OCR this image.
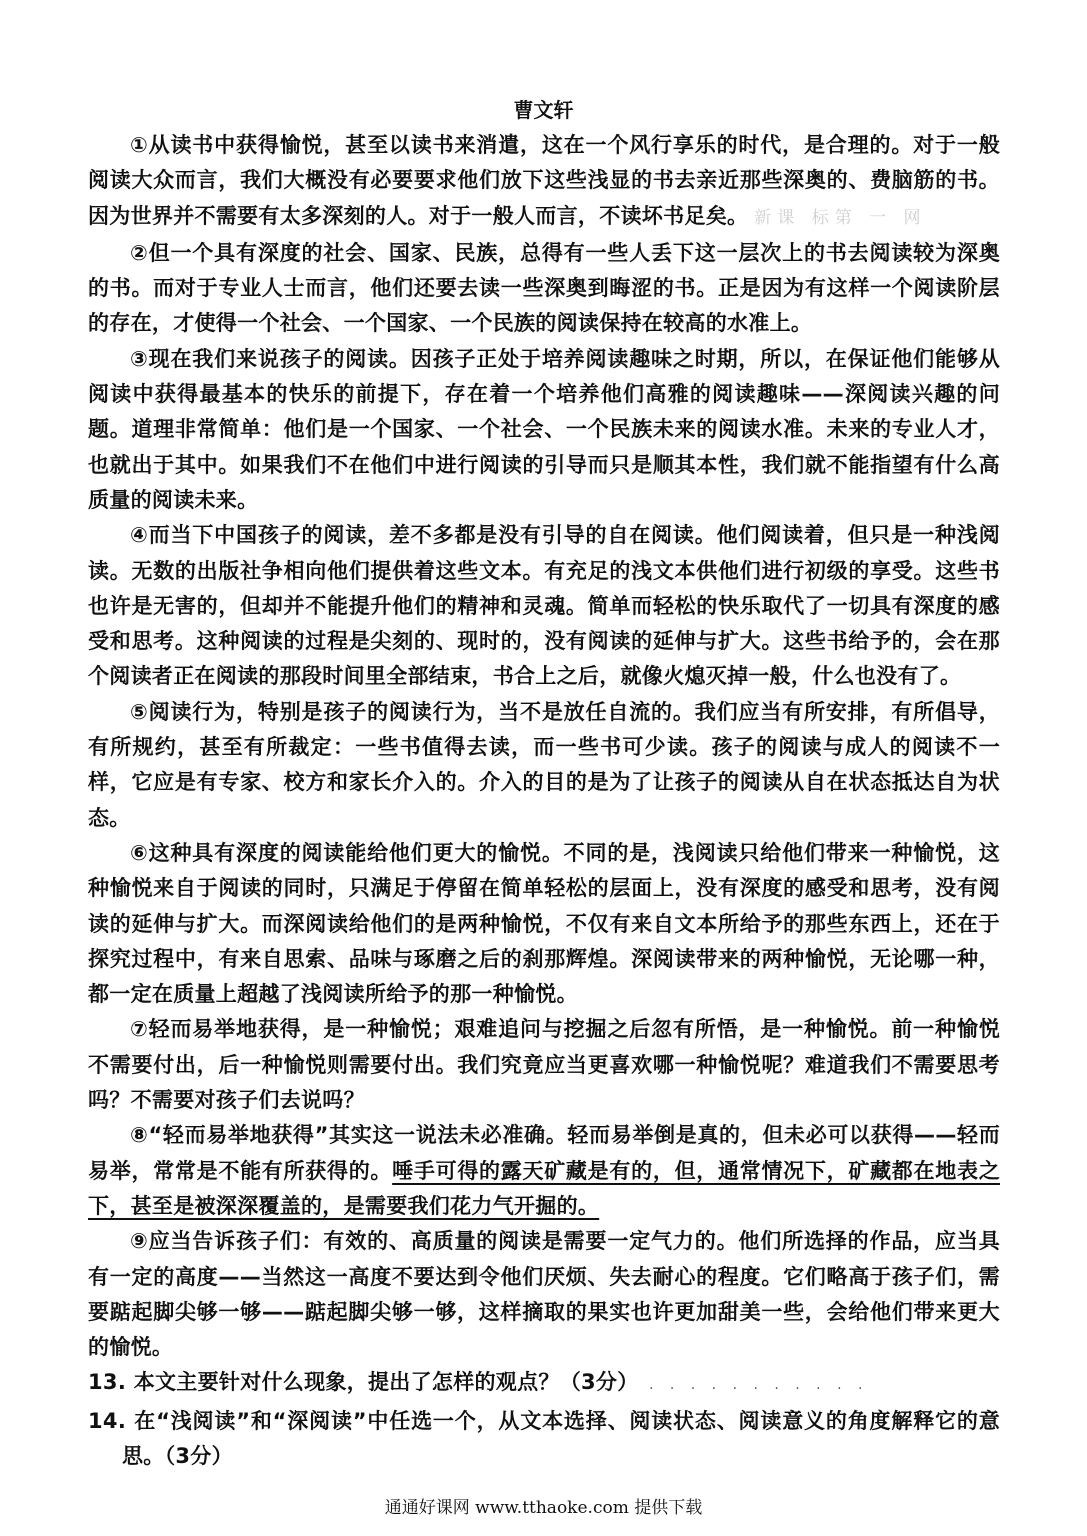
曹文轩

①从读书中获得愉悦，甚至以读书来消遣，这在一个风行享乐的时代，是合理的。对于一般阅读大众而言，我们大概没有必要要求他们放下这些浅显的书去亲近那些深奥的、费脑筋的书。因为世界并不需要有太多深刻的人。对于一般人而言，不读坏书足矣。 新课 标第 一 网

②但一个具有深度的社会、国家、民族，总得有一些人丢下这一层次上的书去阅读较为深奥的书。而对于专业人士而言，他们还要去读一些深奥到晦涩的书。正是因为有这样一个阅读阶层的存在，才使得一个社会、一个国家、一个民族的阅读保持在较高的水准上。

③现在我们来说孩子的阅读。因孩子正处于培养阅读趣味之时期，所以，在保证他们能够从阅读中获得最基本的快乐的前提下，存在着一个培养他们高雅的阅读趣味——深阅读兴趣的问题。道理非常简单：他们是一个国家、一个社会、一个民族未来的阅读水准。未来的专业人才，也就出于其中。如果我们不在他们中进行阅读的引导而只是顺其本性，我们就不能指望有什么高质量的阅读未来。

④而当下中国孩子的阅读，差不多都是没有引导的自在阅读。他们阅读着，但只是一种浅阅读。无数的出版社争相向他们提供着这些文本。有充足的浅文本供他们进行初级的享受。这些书也许是无害的，但却并不能提升他们的精神和灵魂。简单而轻松的快乐取代了一切具有深度的感受和思考。这种阅读的过程是尖刻的、现时的，没有阅读的延伸与扩大。这些书给予的，会在那个阅读者正在阅读的那段时间里全部结束，书合上之后，就像火熄灭掉一般，什么也没有了。

⑤阅读行为，特别是孩子的阅读行为，当不是放任自流的。我们应当有所安排，有所倡导，有所规约，甚至有所裁定：一些书值得去读，而一些书可少读。孩子的阅读与成人的阅读不一样，它应是有专家、校方和家长介入的。介入的目的是为了让孩子的阅读从自在状态抵达自为状态。

⑥这种具有深度的阅读能给他们更大的愉悦。不同的是，浅阅读只给他们带来一种愉悦，这种愉悦来自于阅读的同时，只满足于停留在简单轻松的层面上，没有深度的感受和思考，没有阅读的延伸与扩大。而深阅读给他们的是两种愉悦，不仅有来自文本所给予的那些东西上，还在于探究过程中，有来自思索、品味与琢磨之后的刹那辉煌。深阅读带来的两种愉悦，无论哪一种，都一定在质量上超越了浅阅读所给予的那一种愉悦。

⑦轻而易举地获得，是一种愉悦；艰难追问与挖掘之后忽有所悟，是一种愉悦。前一种愉悦不需要付出，后一种愉悦则需要付出。我们究竟应当更喜欢哪一种愉悦呢？难道我们不需要思考吗？不需要对孩子们去说吗？

⑧“轻而易举地获得”其实这一说法未必准确。轻而易举倒是真的，但未必可以获得——轻而易举，常常是不能有所获得的。唾手可得的露天矿藏是有的，但，通常情况下，矿藏都在地表之下，甚至是被深深覆盖的，是需要我们花力气开掘的。

⑨应当告诉孩子们：有效的、高质量的阅读是需要一定气力的。他们所选择的作品，应当具有一定的高度——当然这一高度不要达到令他们厌烦、失去耐心的程度。它们略高于孩子们，需要踮起脚尖够一够——踮起脚尖够一够，这样摘取的果实也许更加甜美一些，会给他们带来更大的愉悦。

13. 本文主要针对什么现象，提出了怎样的观点？（3分） . . . . . . . . . . .

14. 在“浅阅读”和“深阅读”中任选一个，从文本选择、阅读状态、阅读意义的角度解释它的意思。（3分）

通通好课网 www.tthaoke.com 提供下载
